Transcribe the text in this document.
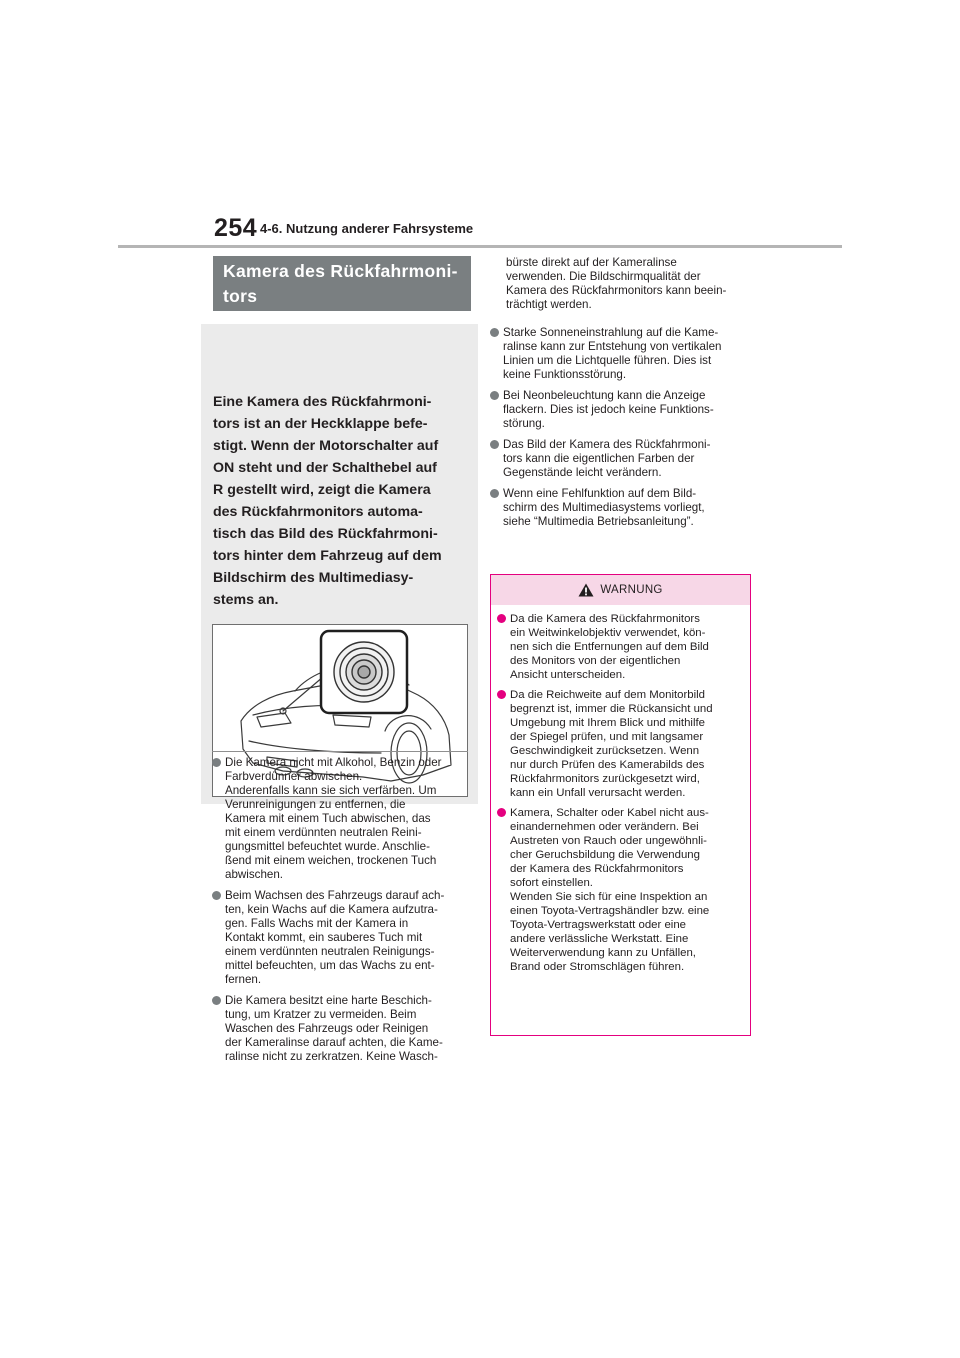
254 4-6. Nutzung anderer Fahrsysteme
Kamera des Rückfahrmoni-
tors
Eine Kamera des Rückfahrmoni-
tors ist an der Heckklappe befe-
stigt. Wenn der Motorschalter auf
ON steht und der Schalthebel auf
R gestellt wird, zeigt die Kamera
des Rückfahrmonitors automa-
tisch das Bild des Rückfahrmoni-
tors hinter dem Fahrzeug auf dem
Bildschirm des Multimediasy-
stems an.
Die Kamera nicht mit Alkohol, Benzin oder
Farbverdünner abwischen.
Anderenfalls kann sie sich verfärben. Um
Verunreinigungen zu entfernen, die
Kamera mit einem Tuch abwischen, das
mit einem verdünnten neutralen Reini-
gungsmittel befeuchtet wurde. Anschlie-
ßend mit einem weichen, trockenen Tuch
abwischen.
Beim Wachsen des Fahrzeugs darauf ach-
ten, kein Wachs auf die Kamera aufzutra-
gen. Falls Wachs mit der Kamera in
Kontakt kommt, ein sauberes Tuch mit
einem verdünnten neutralen Reinigungs-
mittel befeuchten, um das Wachs zu ent-
fernen.
Die Kamera besitzt eine harte Beschich-
tung, um Kratzer zu vermeiden. Beim
Waschen des Fahrzeugs oder Reinigen
der Kameralinse darauf achten, die Kame-
ralinse nicht zu zerkratzen. Keine Wasch-
bürste direkt auf der Kameralinse
verwenden. Die Bildschirmqualität der
Kamera des Rückfahrmonitors kann beein-
trächtigt werden.
Starke Sonneneinstrahlung auf die Kame-
ralinse kann zur Entstehung von vertikalen
Linien um die Lichtquelle führen. Dies ist
keine Funktionsstörung.
Bei Neonbeleuchtung kann die Anzeige
flackern. Dies ist jedoch keine Funktions-
störung.
Das Bild der Kamera des Rückfahrmoni-
tors kann die eigentlichen Farben der
Gegenstände leicht verändern.
Wenn eine Fehlfunktion auf dem Bild-
schirm des Multimediasystems vorliegt,
siehe “Multimedia Betriebsanleitung”.
WARNUNG
Da die Kamera des Rückfahrmonitors
ein Weitwinkelobjektiv verwendet, kön-
nen sich die Entfernungen auf dem Bild
des Monitors von der eigentlichen
Ansicht unterscheiden.
Da die Reichweite auf dem Monitorbild
begrenzt ist, immer die Rückansicht und
Umgebung mit Ihrem Blick und mithilfe
der Spiegel prüfen, und mit langsamer
Geschwindigkeit zurücksetzen. Wenn
nur durch Prüfen des Kamerabilds des
Rückfahrmonitors zurückgesetzt wird,
kann ein Unfall verursacht werden.
Kamera, Schalter oder Kabel nicht aus-
einandernehmen oder verändern. Bei
Austreten von Rauch oder ungewöhnli-
cher Geruchsbildung die Verwendung
der Kamera des Rückfahrmonitors
sofort einstellen.
Wenden Sie sich für eine Inspektion an
einen Toyota-Vertragshändler bzw. eine
Toyota-Vertragswerkstatt oder eine
andere verlässliche Werkstatt. Eine
Weiterverwendung kann zu Unfällen,
Brand oder Stromschlägen führen.
